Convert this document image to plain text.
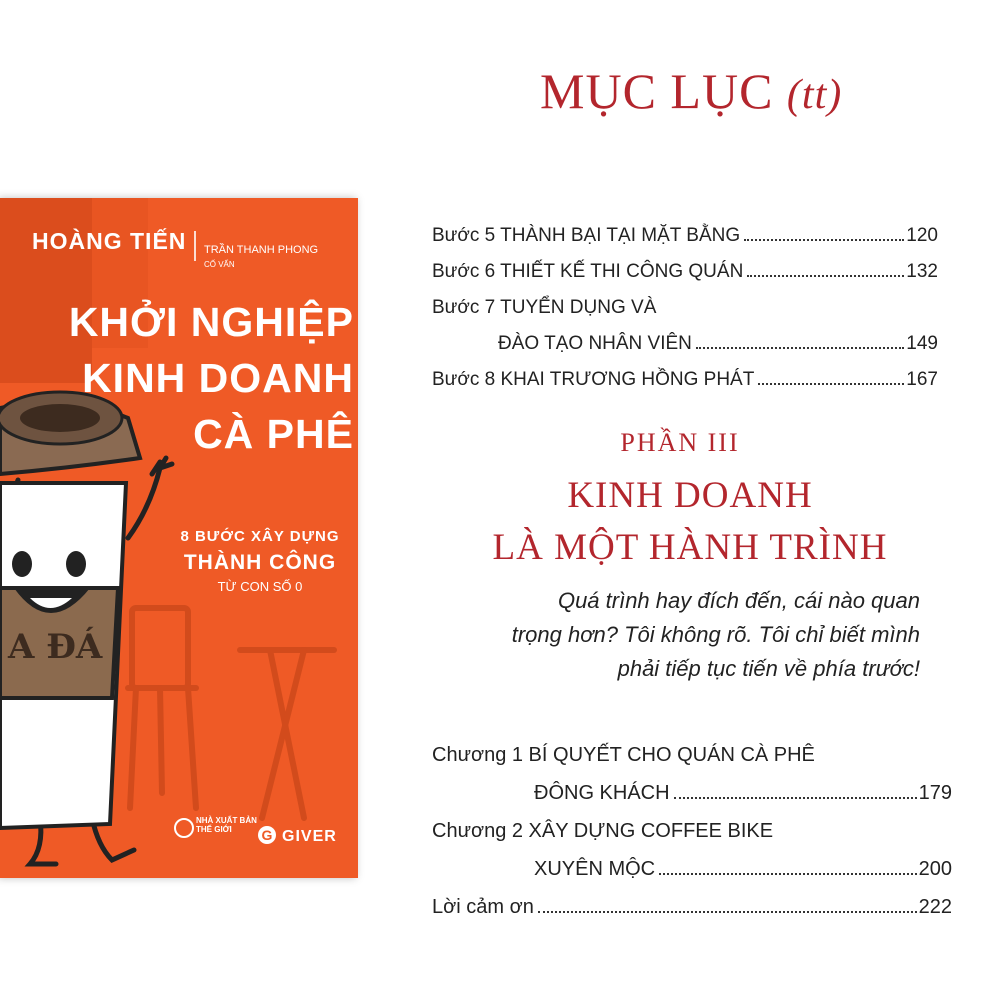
MỤC LỤC (tt)
Bước 5 THÀNH BẠI TẠI MẶT BẰNG	120
Bước 6 THIẾT KẾ THI CÔNG QUÁN	132
Bước 7 TUYỂN DỤNG VÀ
ĐÀO TẠO NHÂN VIÊN	149
Bước 8 KHAI TRƯƠNG HỒNG PHÁT	167
PHẦN III
KINH DOANH
LÀ MỘT HÀNH TRÌNH
Quá trình hay đích đến, cái nào quan
trọng hơn? Tôi không rõ. Tôi chỉ biết mình
phải tiếp tục tiến về phía trước!
Chương 1 BÍ QUYẾT CHO QUÁN CÀ PHÊ
ĐÔNG KHÁCH	179
Chương 2 XÂY DỰNG COFFEE BIKE
XUYÊN MỘC	200
Lời cảm ơn	222
HOÀNG TIẾN TRẦN THANH PHONG
CỐ VẤN
KHỞI NGHIỆP
KINH DOANH
CÀ PHÊ
8 BƯỚC XÂY DỰNG
THÀNH CÔNG
TỪ CON SỐ 0
A ĐÁ
NHÀ XUẤT BẢN
THẾ GIỚI	G GIVER
